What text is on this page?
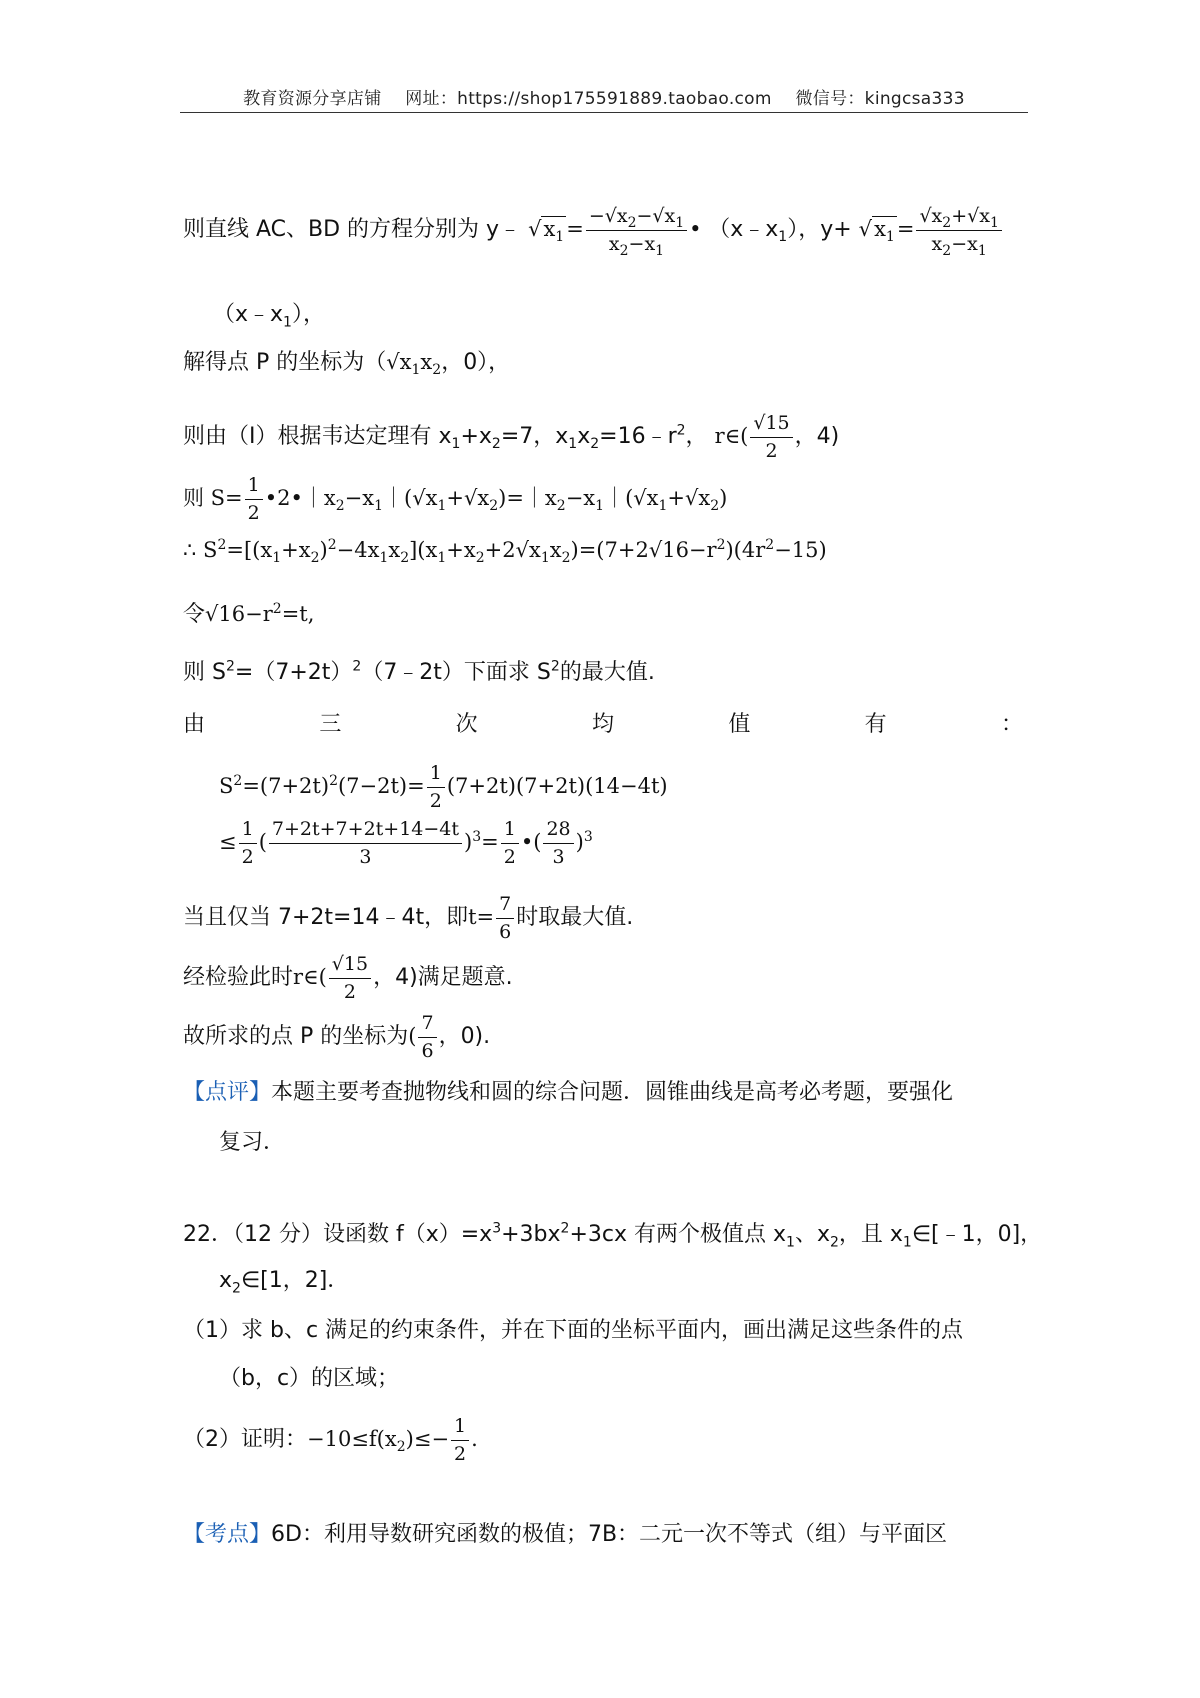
教育资源分享店铺 网址：https://shop175591889.taobao.com 微信号：kingcsa333
则直线 AC、BD 的方程分别为 y﹣ $√x_1= \frac{-√x_2-√x_1}{x_2-x_1}$ • $(x﹣x_1)$，$y+ √x_1= \frac{√x_2+√x_1}{x_2-x_1}$
$(x﹣x_1)$，
解得点 P 的坐标为（$√x_1x_2$，0），
则由（I）根据韦达定理有 $x_1+x_2=7$，$x_1x_2=16﹣r^2$， r∈( $\frac{√15}{2}$ ，4)
则 $S= \frac{1}{2}$ $•2•|x_2-x_1|(√x_1+√x_2)=|x_2-x_1|(√x_1+√x_2)$
∴ $S^2=[(x_1+x_2)^2-4x_1x_2](x_1+x_2+2√x_1x_2)=(7+2√16-r^2)(4r^2-15)$
令$√16-r^2=t$,
则 $S^2=(7+2t)^2(7﹣2t)$下面求 $S^2$的最大值.
由	三	次	均	值	有	：
$S^2=(7+2t)^2(7-2t)= \frac{1}{2} (7+2t)(7+2t)(14-4t)$
≤ $\frac{1}{2}$ ( $\frac{7+2t+7+2t+14-4t}{3} )^3= \frac{1}{2}$ •( $\frac{28}{3} )^3$
当且仅当 7+2t=14﹣4t，即$t= \frac{7}{6}$ 时取最大值.
经检验此时r∈( $\frac{√15}{2}$ ，4)满足题意.
故所求的点 P 的坐标为( $\frac{7}{6}$ ，0).
【点评】本题主要考查抛物线和圆的综合问题．圆锥曲线是高考必考题，要强化
复习．
22．（12 分）设函数 $f(x)=x^3+3bx^2+3cx$ 有两个极值点 $x_1$、$x_2$，且 $x_1\in[﹣1$，0]，
$x_2\in[1$，2]．
（1）求 b、c 满足的约束条件，并在下面的坐标平面内，画出满足这些条件的点
（b，c）的区域；
（2）证明：$-10\le f(x_2)\le- \frac{1}{2}$ .
【考点】6D：利用导数研究函数的极值；7B：二元一次不等式（组）与平面区
